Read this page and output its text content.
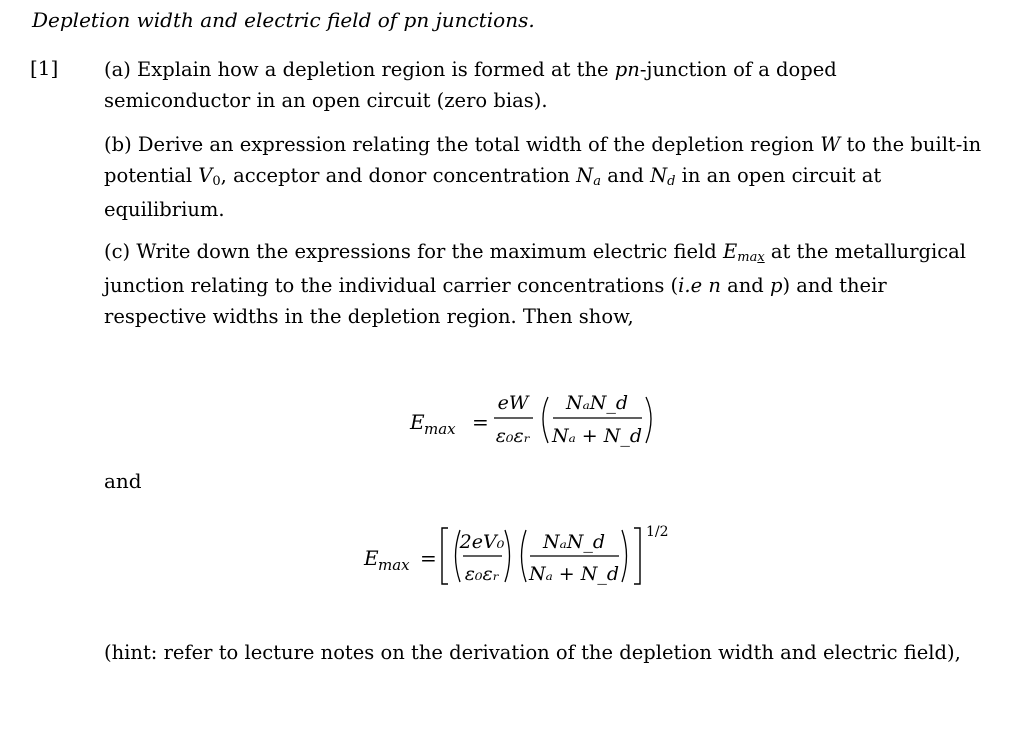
Depletion width and electric field of pn junctions.
[1] (a) Explain how a depletion region is formed at the pn-junction of a doped semiconductor in an open circuit (zero bias).
(b) Derive an expression relating the total width of the depletion region W to the built-in potential V0, acceptor and donor concentration Na and Nd in an open circuit at equilibrium.
(c) Write down the expressions for the maximum electric field Emax at the metallurgical junction relating to the individual carrier concentrations (i.e n and p) and their respective widths in the depletion region. Then show,
E max =
eW
ε₀εᵣ
NₐN_d
Nₐ + N_d
and
E max =
2eV₀
ε₀εᵣ
NₐN_d
Nₐ + N_d
1/2
(hint: refer to lecture notes on the derivation of the depletion width and electric field),
